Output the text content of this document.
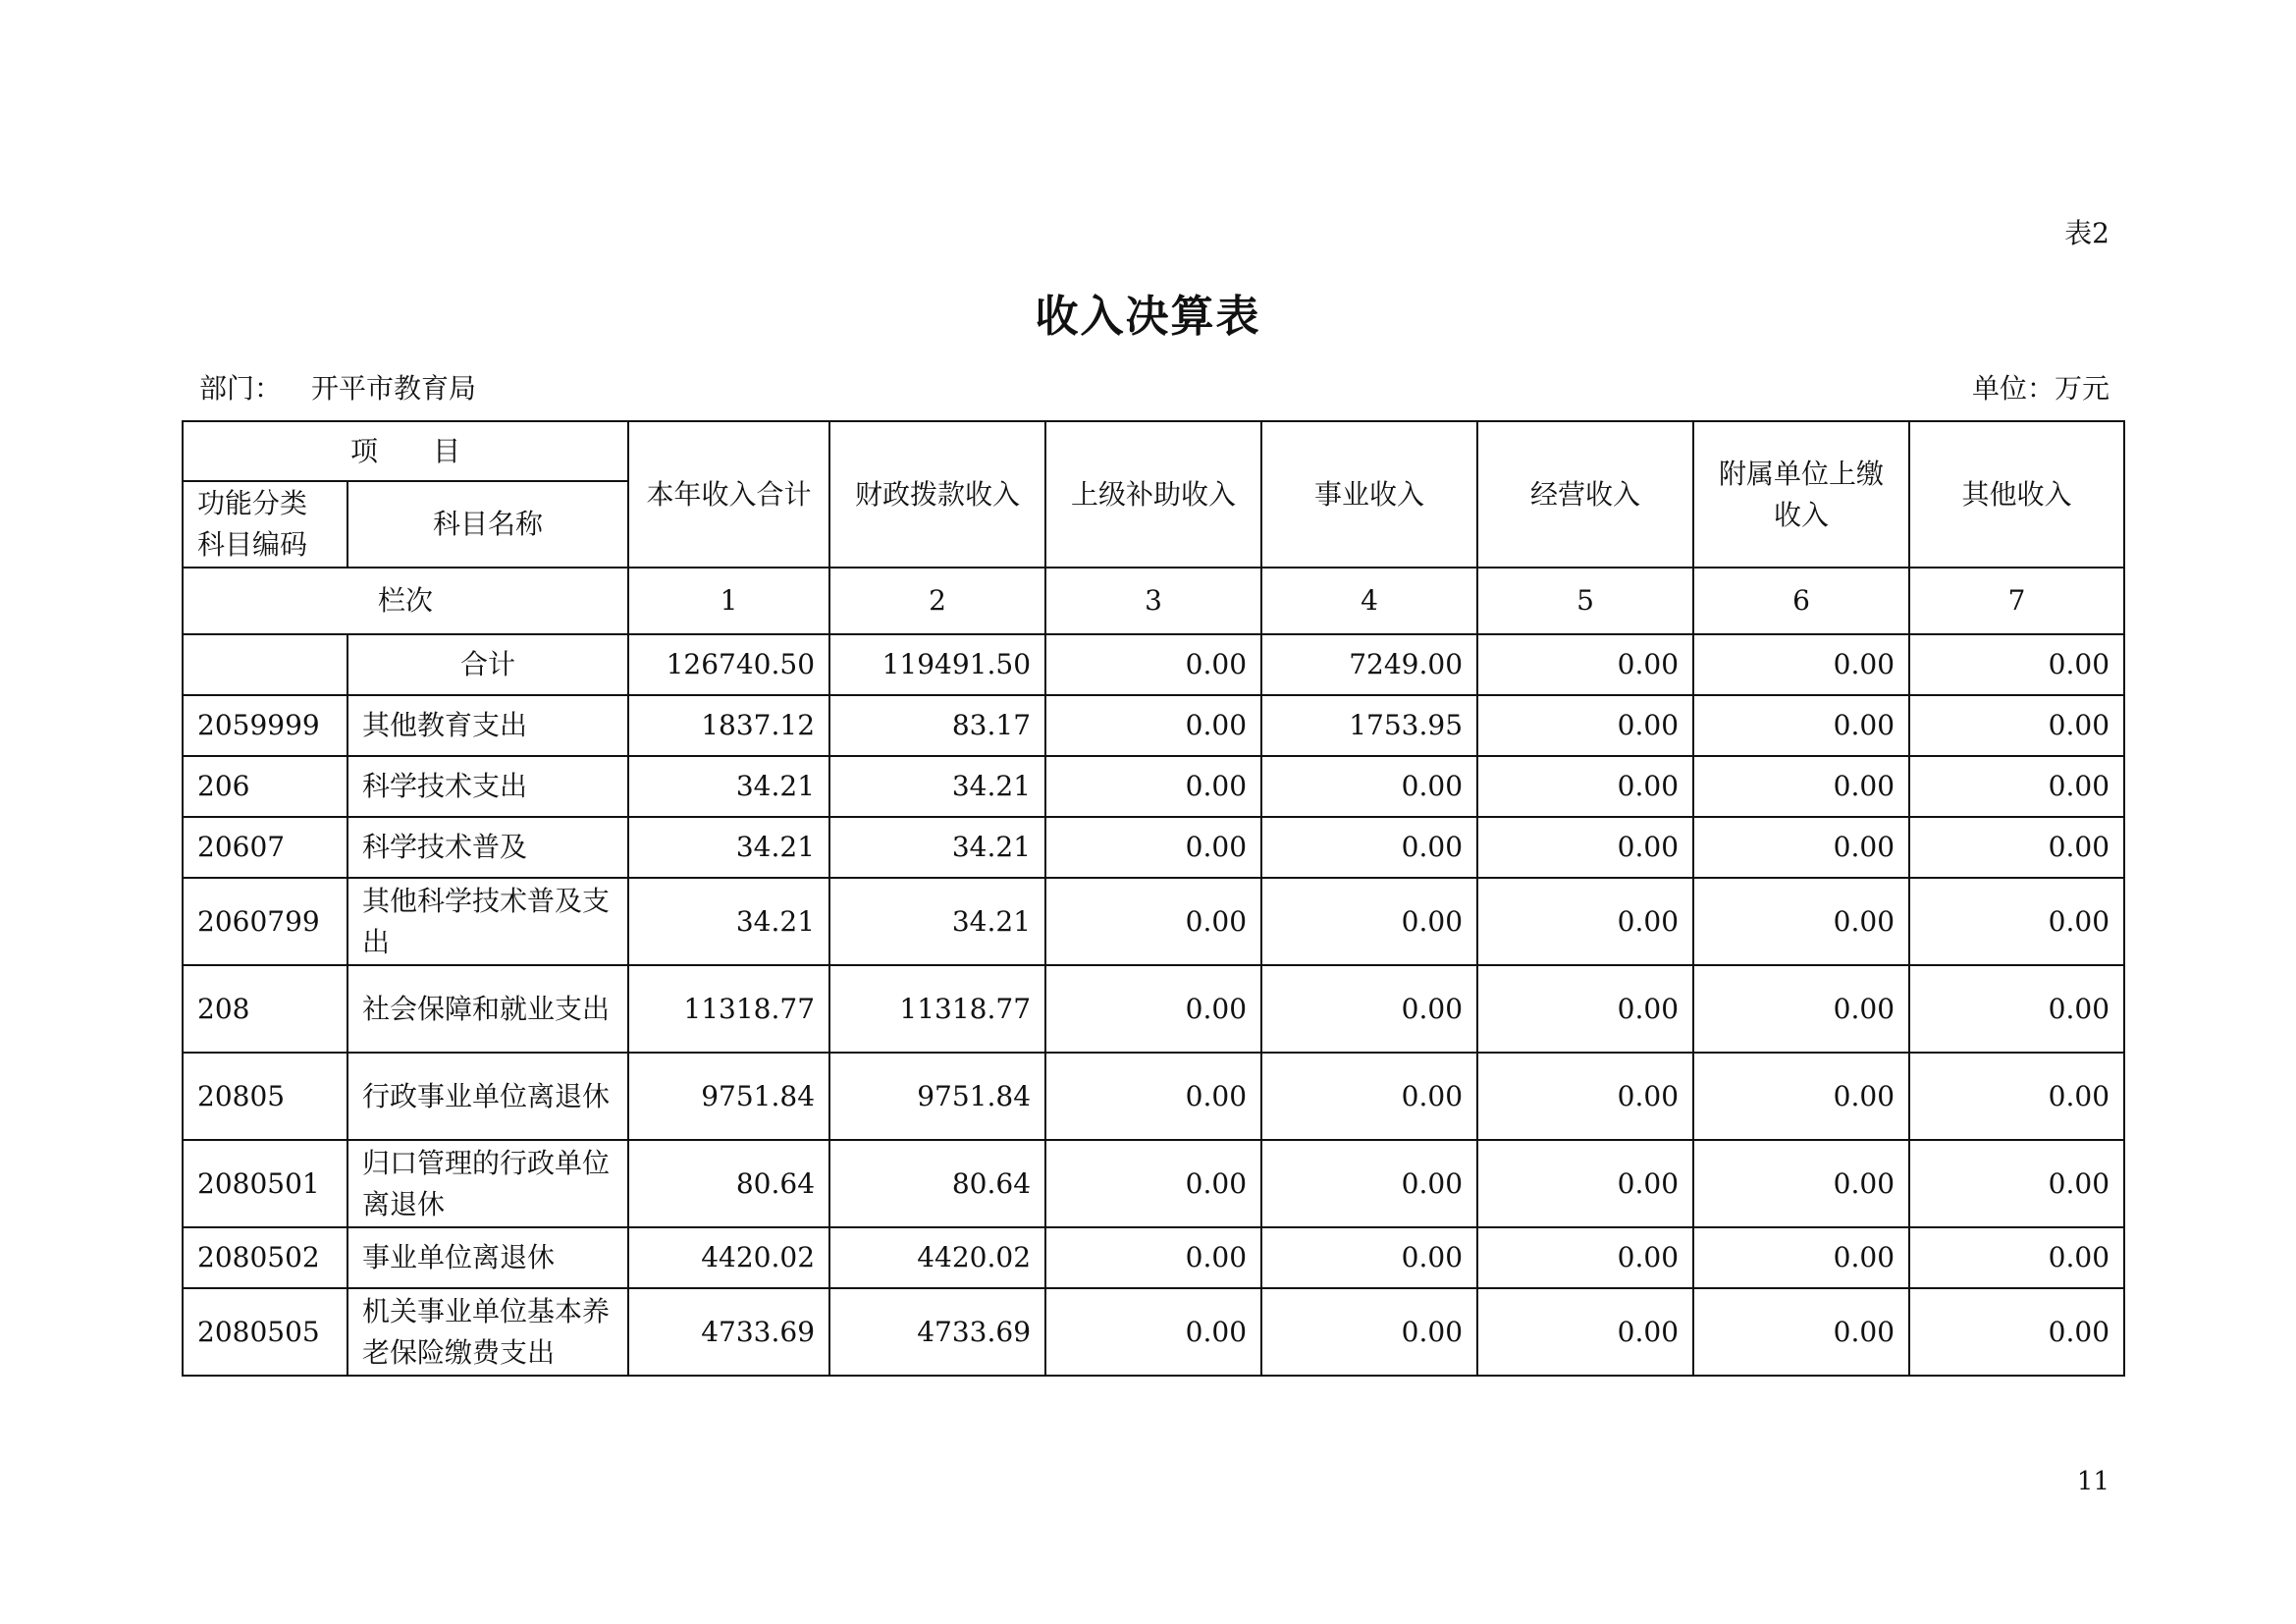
表2
收入决算表
部门： 开平市教育局	单位：万元
项　　目		本年收入合计	财政拨款收入	上级补助收入	事业收入	经营收入	附属单位上缴收入	其他收入
功能分类科目编码	科目名称							
栏次		1	2	3	4	5	6	7
	合计	126740.50	119491.50	0.00	7249.00	0.00	0.00	0.00
2059999	其他教育支出	1837.12	83.17	0.00	1753.95	0.00	0.00	0.00
206	科学技术支出	34.21	34.21	0.00	0.00	0.00	0.00	0.00
20607	科学技术普及	34.21	34.21	0.00	0.00	0.00	0.00	0.00
2060799	其他科学技术普及支出	34.21	34.21	0.00	0.00	0.00	0.00	0.00
208	社会保障和就业支出	11318.77	11318.77	0.00	0.00	0.00	0.00	0.00
20805	行政事业单位离退休	9751.84	9751.84	0.00	0.00	0.00	0.00	0.00
2080501	归口管理的行政单位离退休	80.64	80.64	0.00	0.00	0.00	0.00	0.00
2080502	事业单位离退休	4420.02	4420.02	0.00	0.00	0.00	0.00	0.00
2080505	机关事业单位基本养老保险缴费支出	4733.69	4733.69	0.00	0.00	0.00	0.00	0.00
11
